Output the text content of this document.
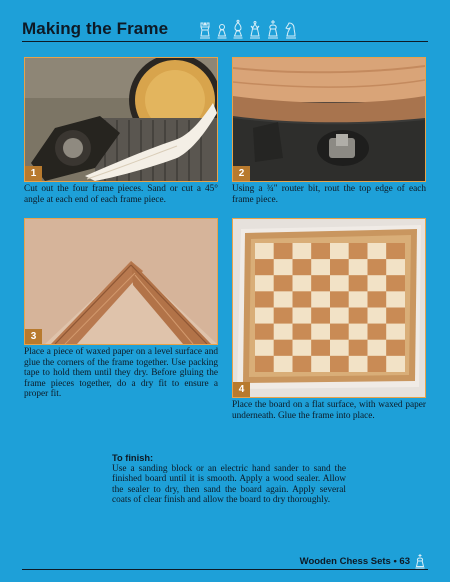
Making the Frame
1
Cut out the four frame pieces. Sand or cut a 45° angle at each end of each frame piece.
2
Using a ¾" router bit, rout the top edge of each frame piece.
3
Place a piece of waxed paper on a level surface and glue the corners of the frame together. Use packing tape to hold them until they dry. Before gluing the frame pieces together, do a dry fit to ensure a proper fit.	4
Place the board on a flat surface, with waxed paper underneath. Glue the frame into place.
To finish:
Use a sanding block or an electric hand sander to sand the finished board until it is smooth. Apply a wood sealer. Allow the sealer to dry, then sand the board again. Apply several coats of clear finish and allow the board to dry thoroughly.
Wooden Chess Sets • 63
